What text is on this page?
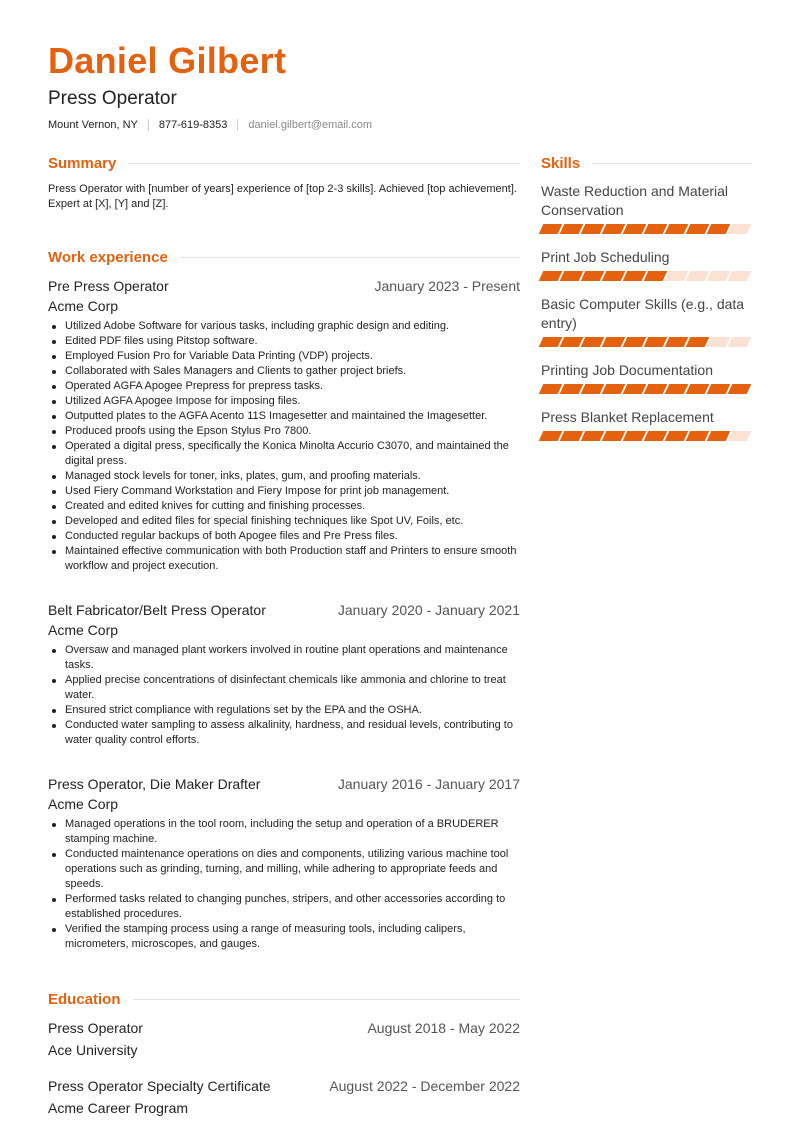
Daniel Gilbert
Press Operator
Mount Vernon, NY 877-619-8353 daniel.gilbert@email.com
Summary

Press Operator with [number of years] experience of [top 2-3 skills]. Achieved [top achievement]. Expert at [X], [Y] and [Z].

Work experience
Pre Press Operator	January 2023 - Present
Acme Corp
Utilized Adobe Software for various tasks, including graphic design and editing.
Edited PDF files using Pitstop software.
Employed Fusion Pro for Variable Data Printing (VDP) projects.
Collaborated with Sales Managers and Clients to gather project briefs.
Operated AGFA Apogee Prepress for prepress tasks.
Utilized AGFA Apogee Impose for imposing files.
Outputted plates to the AGFA Acento 11S Imagesetter and maintained the Imagesetter.
Produced proofs using the Epson Stylus Pro 7800.
Operated a digital press, specifically the Konica Minolta Accurio C3070, and maintained the digital press.
Managed stock levels for toner, inks, plates, gum, and proofing materials.
Used Fiery Command Workstation and Fiery Impose for print job management.
Created and edited knives for cutting and finishing processes.
Developed and edited files for special finishing techniques like Spot UV, Foils, etc.
Conducted regular backups of both Apogee files and Pre Press files.
Maintained effective communication with both Production staff and Printers to ensure smooth workflow and project execution.
Belt Fabricator/Belt Press Operator	January 2020 - January 2021
Acme Corp
Oversaw and managed plant workers involved in routine plant operations and maintenance tasks.
Applied precise concentrations of disinfectant chemicals like ammonia and chlorine to treat water.
Ensured strict compliance with regulations set by the EPA and the OSHA.
Conducted water sampling to assess alkalinity, hardness, and residual levels, contributing to water quality control efforts.
Press Operator, Die Maker Drafter	January 2016 - January 2017
Acme Corp
Managed operations in the tool room, including the setup and operation of a BRUDERER stamping machine.
Conducted maintenance operations on dies and components, utilizing various machine tool operations such as grinding, turning, and milling, while adhering to appropriate feeds and speeds.
Performed tasks related to changing punches, stripers, and other accessories according to established procedures.
Verified the stamping process using a range of measuring tools, including calipers, micrometers, microscopes, and gauges.
Education
Press Operator	August 2018 - May 2022
Ace University
Press Operator Specialty Certificate	August 2022 - December 2022
Acme Career Program
Skills
Waste Reduction and Material Conservation
Print Job Scheduling
Basic Computer Skills (e.g., data entry)
Printing Job Documentation
Press Blanket Replacement
